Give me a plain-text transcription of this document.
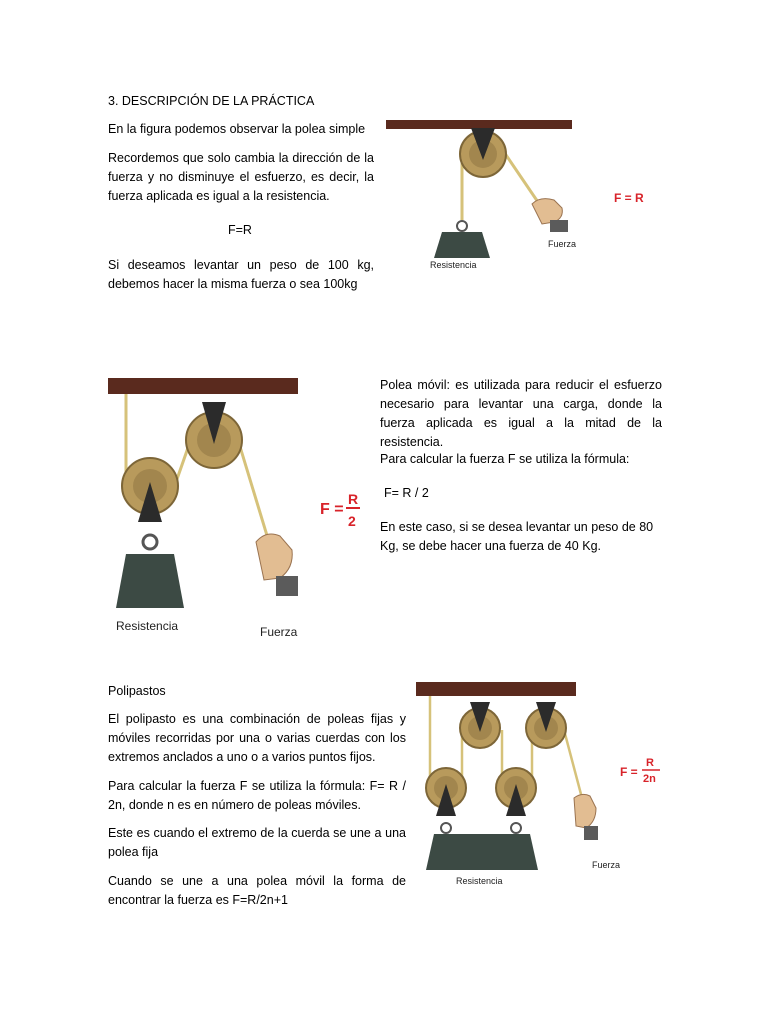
3. DESCRIPCIÓN DE LA PRÁCTICA

En la figura podemos observar la polea simple

Recordemos que solo cambia la dirección de la fuerza y no disminuye el esfuerzo, es decir, la fuerza aplicada es igual a la resistencia.

F=R

Si deseamos levantar un peso de 100 kg, debemos hacer la misma fuerza o sea 100kg

F = R
Fuerza
Resistencia
F =
R
2
Resistencia	Fuerza

Polea móvil: es utilizada para reducir el esfuerzo necesario para levantar una carga, donde la fuerza aplicada es igual a la mitad de la resistencia.

Para calcular la fuerza F se utiliza la fórmula:

F= R / 2

En este caso, si se desea levantar un peso de 80 Kg, se debe hacer una fuerza de 40 Kg.

Polipastos

El polipasto es una combinación de poleas fijas y móviles recorridas por una o varias cuerdas con los extremos anclados a uno o a varios puntos fijos.

Para calcular la fuerza F se utiliza la fórmula: F= R / 2n, donde n es en número de poleas móviles.

Este es cuando el extremo de la cuerda se une a una polea fija

Cuando se une a una polea móvil la forma de encontrar la fuerza es F=R/2n+1

F =
R
2n
Fuerza
Resistencia
